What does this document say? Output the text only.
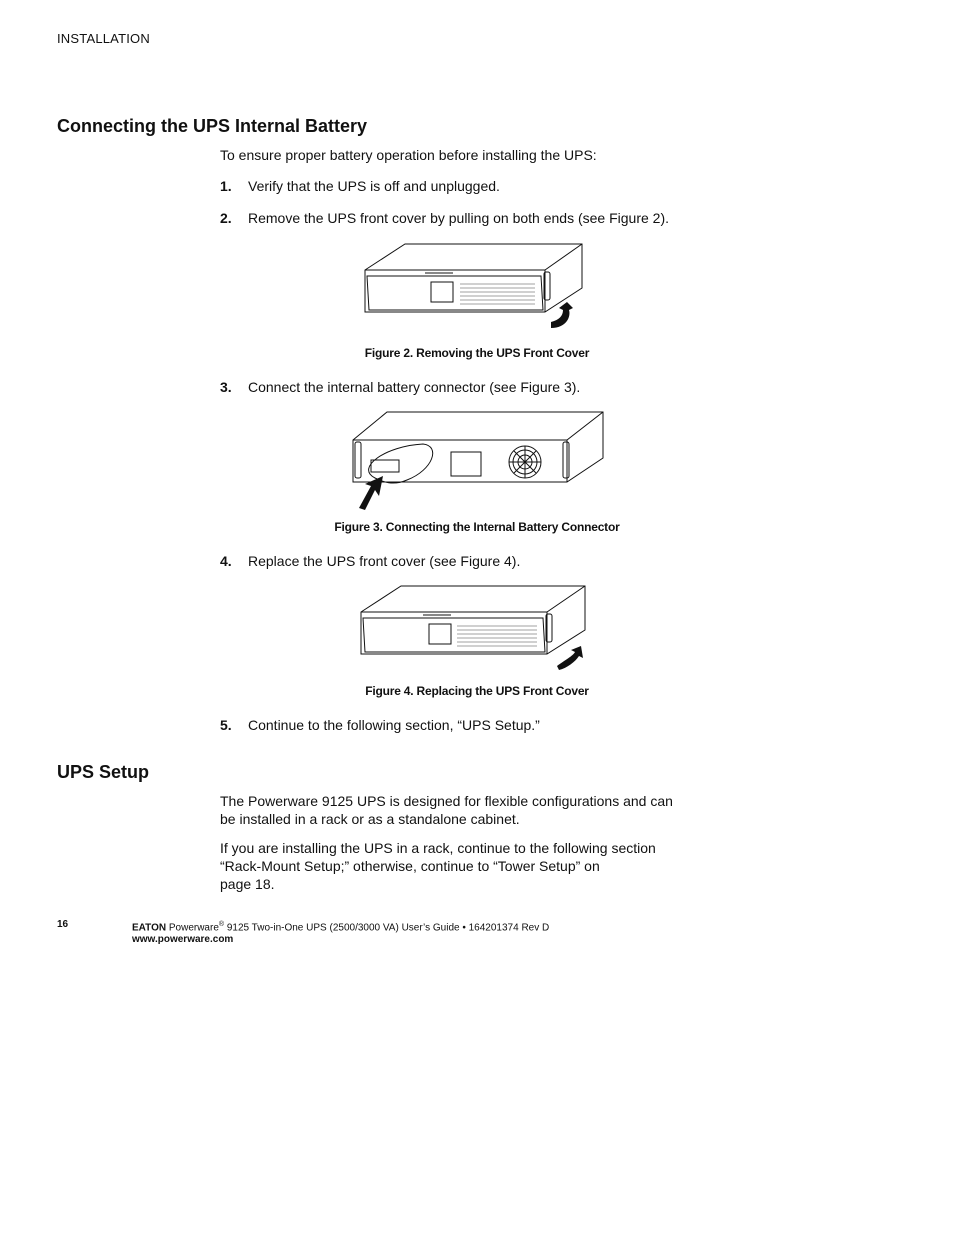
INSTALLATION
Connecting the UPS Internal Battery
To ensure proper battery operation before installing the UPS:
1. Verify that the UPS is off and unplugged.
2. Remove the UPS front cover by pulling on both ends (see Figure 2).
Figure 2. Removing the UPS Front Cover
3. Connect the internal battery connector (see Figure 3).
Figure 3. Connecting the Internal Battery Connector
4. Replace the UPS front cover (see Figure 4).
Figure 4. Replacing the UPS Front Cover
5. Continue to the following section, “UPS Setup.”
UPS Setup
The Powerware 9125 UPS is designed for flexible configurations and can
be installed in a rack or as a standalone cabinet.
If you are installing the UPS in a rack, continue to the following section
“Rack-Mount Setup;” otherwise, continue to “Tower Setup” on
page 18.
16	EATON Powerware® 9125 Two-in-One UPS (2500/3000 VA) User’s Guide • 164201374 Rev D
www.powerware.com
